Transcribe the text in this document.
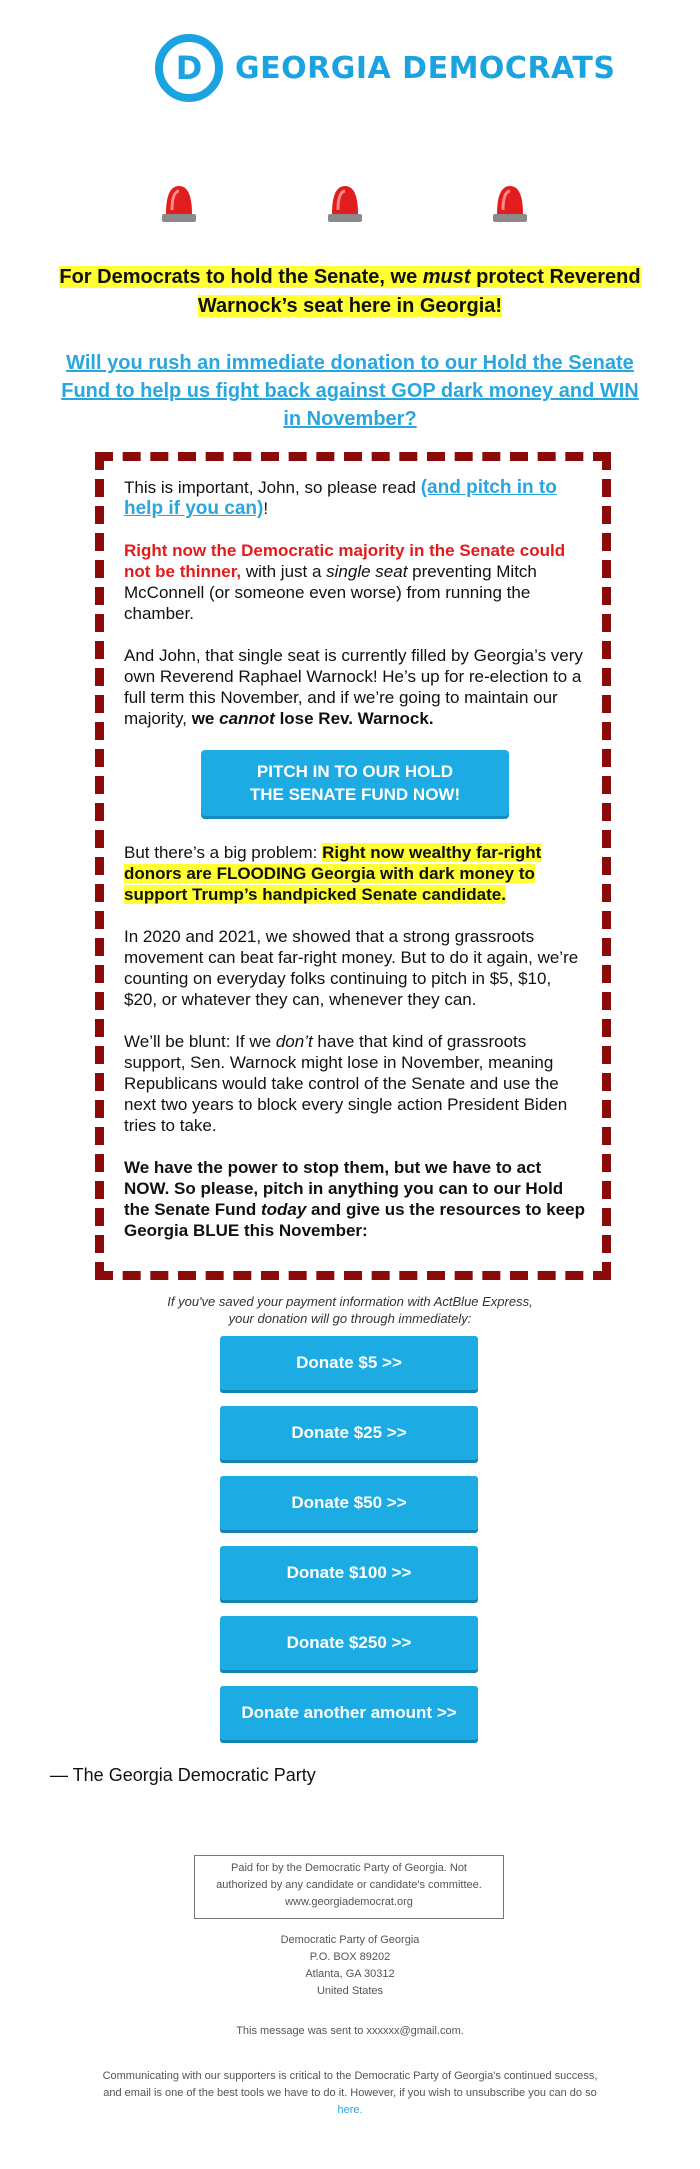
D GEORGIA DEMOCRATS
For Democrats to hold the Senate, we must protect Reverend Warnock’s seat here in Georgia!
Will you rush an immediate donation to our Hold the Senate Fund to help us fight back against GOP dark money and WIN in November?

This is important, John, so please read (and pitch in to help if you can)!

Right now the Democratic majority in the Senate could not be thinner, with just a single seat preventing Mitch McConnell (or someone even worse) from running the chamber.

And John, that single seat is currently filled by Georgia’s very own Reverend Raphael Warnock! He’s up for re-election to a full term this November, and if we’re going to maintain our majority, we cannot lose Rev. Warnock.

PITCH IN TO OUR HOLD
THE SENATE FUND NOW!

But there’s a big problem: Right now wealthy far-right donors are FLOODING Georgia with dark money to support Trump’s handpicked Senate candidate.

In 2020 and 2021, we showed that a strong grassroots movement can beat far-right money. But to do it again, we’re counting on everyday folks continuing to pitch in $5, $10, $20, or whatever they can, whenever they can.

We’ll be blunt: If we don’t have that kind of grassroots support, Sen. Warnock might lose in November, meaning Republicans would take control of the Senate and use the next two years to block every single action President Biden tries to take.

We have the power to stop them, but we have to act NOW. So please, pitch in anything you can to our Hold the Senate Fund today and give us the resources to keep Georgia BLUE this November:

If you've saved your payment information with ActBlue Express,
your donation will go through immediately:
Donate $5 >>
Donate $25 >>
Donate $50 >>
Donate $100 >>
Donate $250 >>
Donate another amount >>
— The Georgia Democratic Party
Paid for by the Democratic Party of Georgia. Not
authorized by any candidate or candidate's committee.
www.georgiademocrat.org
Democratic Party of Georgia
P.O. BOX 89202
Atlanta, GA 30312
United States
This message was sent to xxxxxx@gmail.com.
Communicating with our supporters is critical to the Democratic Party of Georgia's continued success, and email is one of the best tools we have to do it. However, if you wish to unsubscribe you can do so here.
